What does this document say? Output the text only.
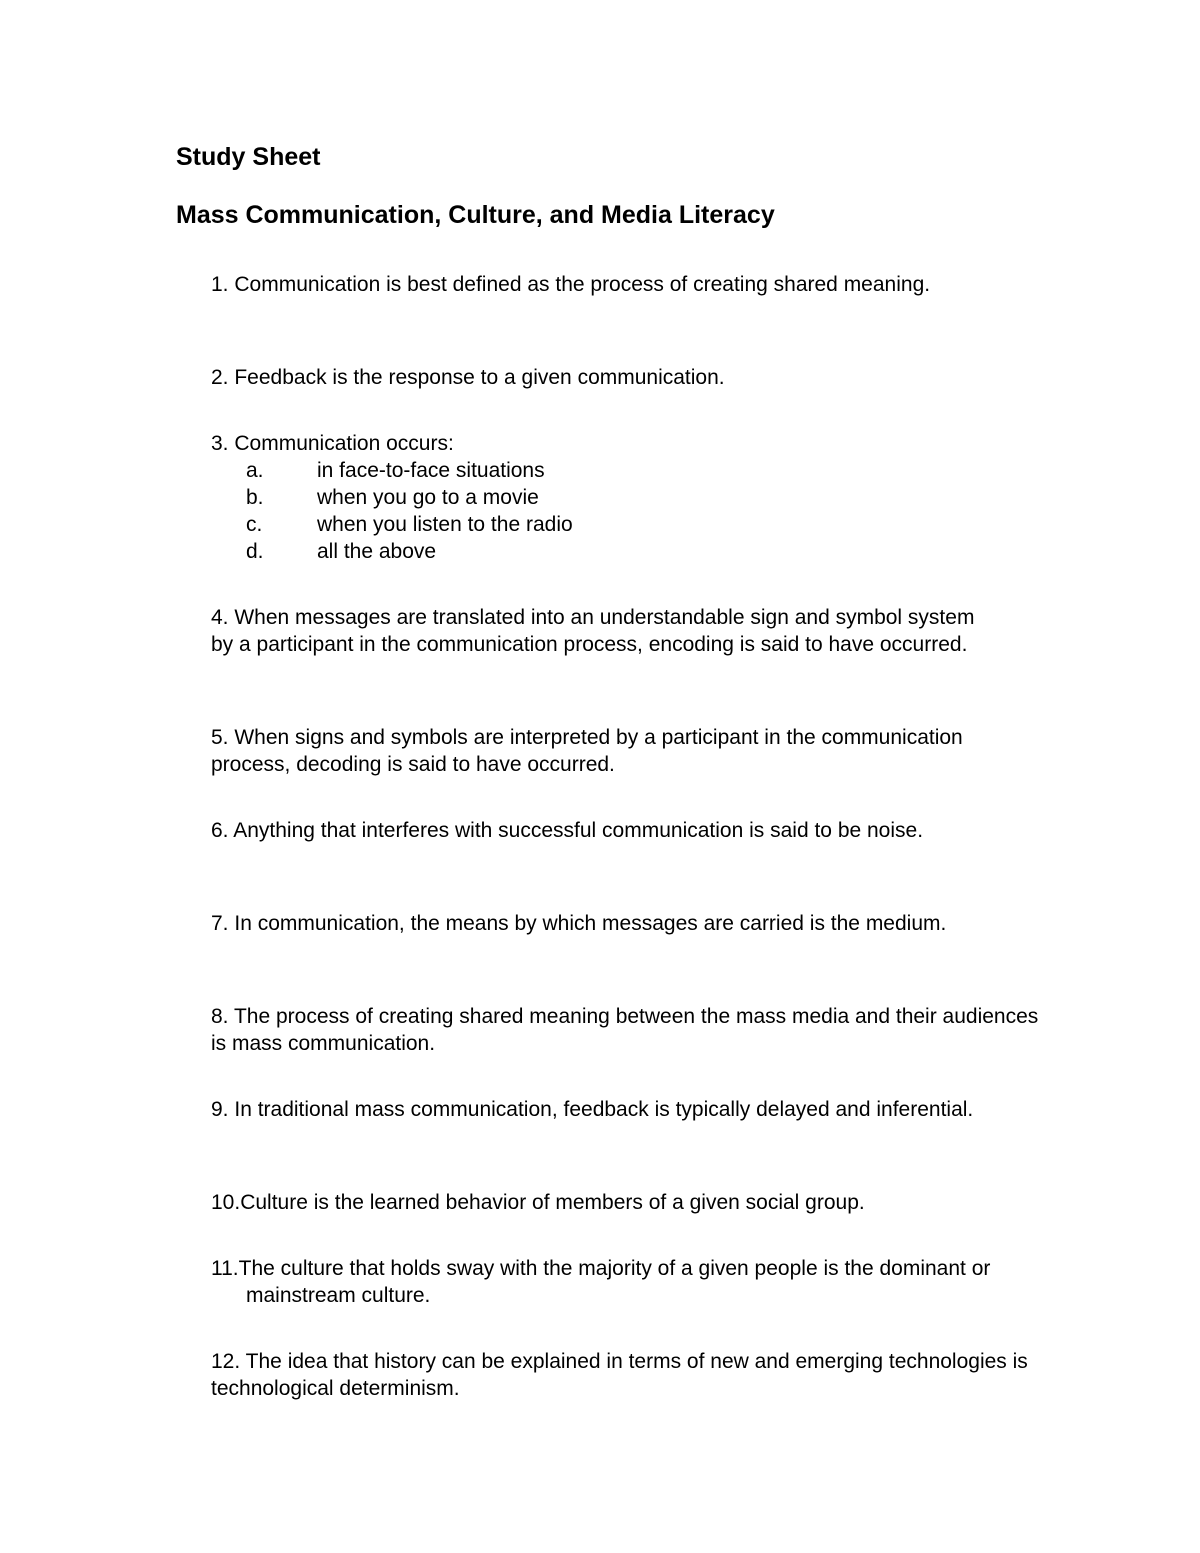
Study Sheet
Mass Communication, Culture, and Media Literacy
1. Communication is best defined as the process of creating shared meaning.
2. Feedback is the response to a given communication.
3. Communication occurs:
a.	in face-to-face situations
b.	when you go to a movie
c.	when you listen to the radio
d.	all the above
4. When messages are translated into an understandable sign and symbol system by a participant in the communication process, encoding is said to have occurred.
5. When signs and symbols are interpreted by a participant in the communication process, decoding is said to have occurred.
6. Anything that interferes with successful communication is said to be noise.
7. In communication, the means by which messages are carried is the medium.
8. The process of creating shared meaning between the mass media and their audiences is mass communication.
9. In traditional mass communication, feedback is typically delayed and inferential.
10.Culture is the learned behavior of members of a given social group.
11.The culture that holds sway with the majority of a given people is the dominant or mainstream culture.
12. The idea that history can be explained in terms of new and emerging technologies is technological determinism.
